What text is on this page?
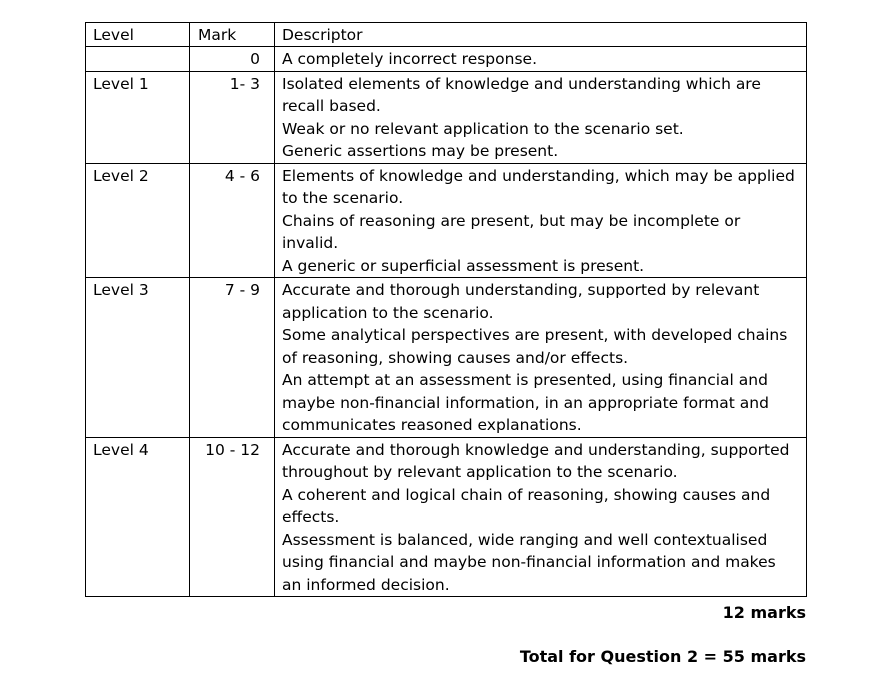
Level	Mark	Descriptor
	0	A completely incorrect response.

Level 1	1- 3	Isolated elements of knowledge and understanding which are recall based.
Weak or no relevant application to the scenario set.
Generic assertions may be present.

Level 2	4 - 6	Elements of knowledge and understanding, which may be applied to the scenario.
Chains of reasoning are present, but may be incomplete or invalid.
A generic or superficial assessment is present.

Level 3	7 - 9	Accurate and thorough understanding, supported by relevant application to the scenario.
Some analytical perspectives are present, with developed chains of reasoning, showing causes and/or effects.
An attempt at an assessment is presented, using financial and maybe non-financial information, in an appropriate format and communicates reasoned explanations.

Level 4	10 - 12	Accurate and thorough knowledge and understanding, supported throughout by relevant application to the scenario.
A coherent and logical chain of reasoning, showing causes and effects.
Assessment is balanced, wide ranging and well contextualised using financial and maybe non-financial information and makes an informed decision.
12 marks
Total for Question 2 = 55 marks
